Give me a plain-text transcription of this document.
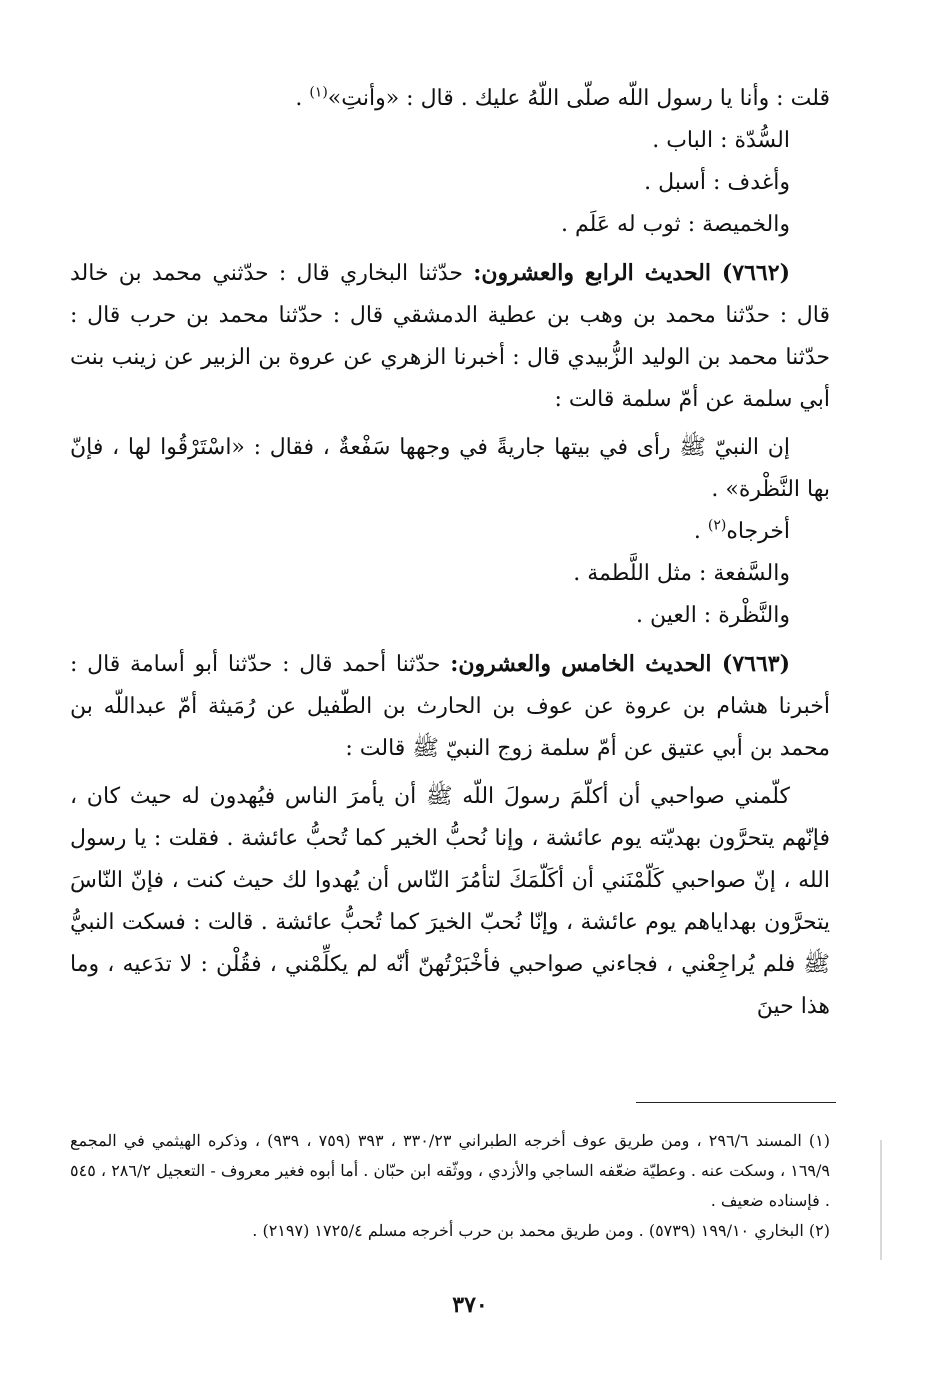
قلت : وأنا يا رسول اللّه صلّى اللّهُ عليك . قال : «وأنتِ»$^{(١)}$ .

السُّدّة : الباب .

وأغدف : أسبل .

والخميصة : ثوب له عَلَم .

(٧٦٦٢) الحديث الرابع والعشرون: حدّثنا البخاري قال : حدّثني محمد بن خالد قال : حدّثنا محمد بن وهب بن عطية الدمشقي قال : حدّثنا محمد بن حرب قال : حدّثنا محمد بن الوليد الزُّبيدي قال : أخبرنا الزهري عن عروة بن الزبير عن زينب بنت أبي سلمة عن أمّ سلمة قالت :

إن النبيّ ﷺ رأى في بيتها جاريةً في وجهها سَفْعةٌ ، فقال : «اسْتَرْقُوا لها ، فإنّ بها النَّظْرة» .

أخرجاه$^{(٢)}$ .

والسَّفعة : مثل اللَّطمة .

والنَّظْرة : العين .

(٧٦٦٣) الحديث الخامس والعشرون: حدّثنا أحمد قال : حدّثنا أبو أسامة قال : أخبرنا هشام بن عروة عن عوف بن الحارث بن الطّفيل عن رُمَيثة أمّ عبداللّه بن محمد بن أبي عتيق عن أمّ سلمة زوج النبيّ ﷺ قالت :

كلّمني صواحبي أن أكلّمَ رسولَ اللّه ﷺ أن يأمرَ الناس فيُهدون له حيث كان ، فإنّهم يتحرَّون بهديّته يوم عائشة ، وإنا نُحبُّ الخير كما تُحبُّ عائشة . فقلت : يا رسول الله ، إنّ صواحبي كَلّمْنَني أن أكَلّمَكَ لتأمُرَ النّاس أن يُهدوا لك حيث كنت ، فإنّ النّاسَ يتحرَّون بهداياهم يوم عائشة ، وإنّا نُحبّ الخيرَ كما تُحبُّ عائشة . قالت : فسكت النبيُّ ﷺ فلم يُراجِعْني ، فجاءني صواحبي فأخْبَرْتُهنّ أنّه لم يكلِّمْني ، فقُلْن : لا تدَعيه ، وما هذا حينَ

(١) المسند ٢٩٦/٦ ، ومن طريق عوف أخرجه الطبراني ٣٣٠/٢٣ ، ٣٩٣ (٧٥٩ ، ٩٣٩) ، وذكره الهيثمي في المجمع ١٦٩/٩ ، وسكت عنه . وعطيّة ضعّفه الساجي والأزدي ، ووثّقه ابن حبّان . أما أبوه فغير معروف - التعجيل ٢٨٦/٢ ، ٥٤٥ . فإسناده ضعيف .

(٢) البخاري ١٩٩/١٠ (٥٧٣٩) . ومن طريق محمد بن حرب أخرجه مسلم ١٧٢٥/٤ (٢١٩٧) .

٣٧٠
